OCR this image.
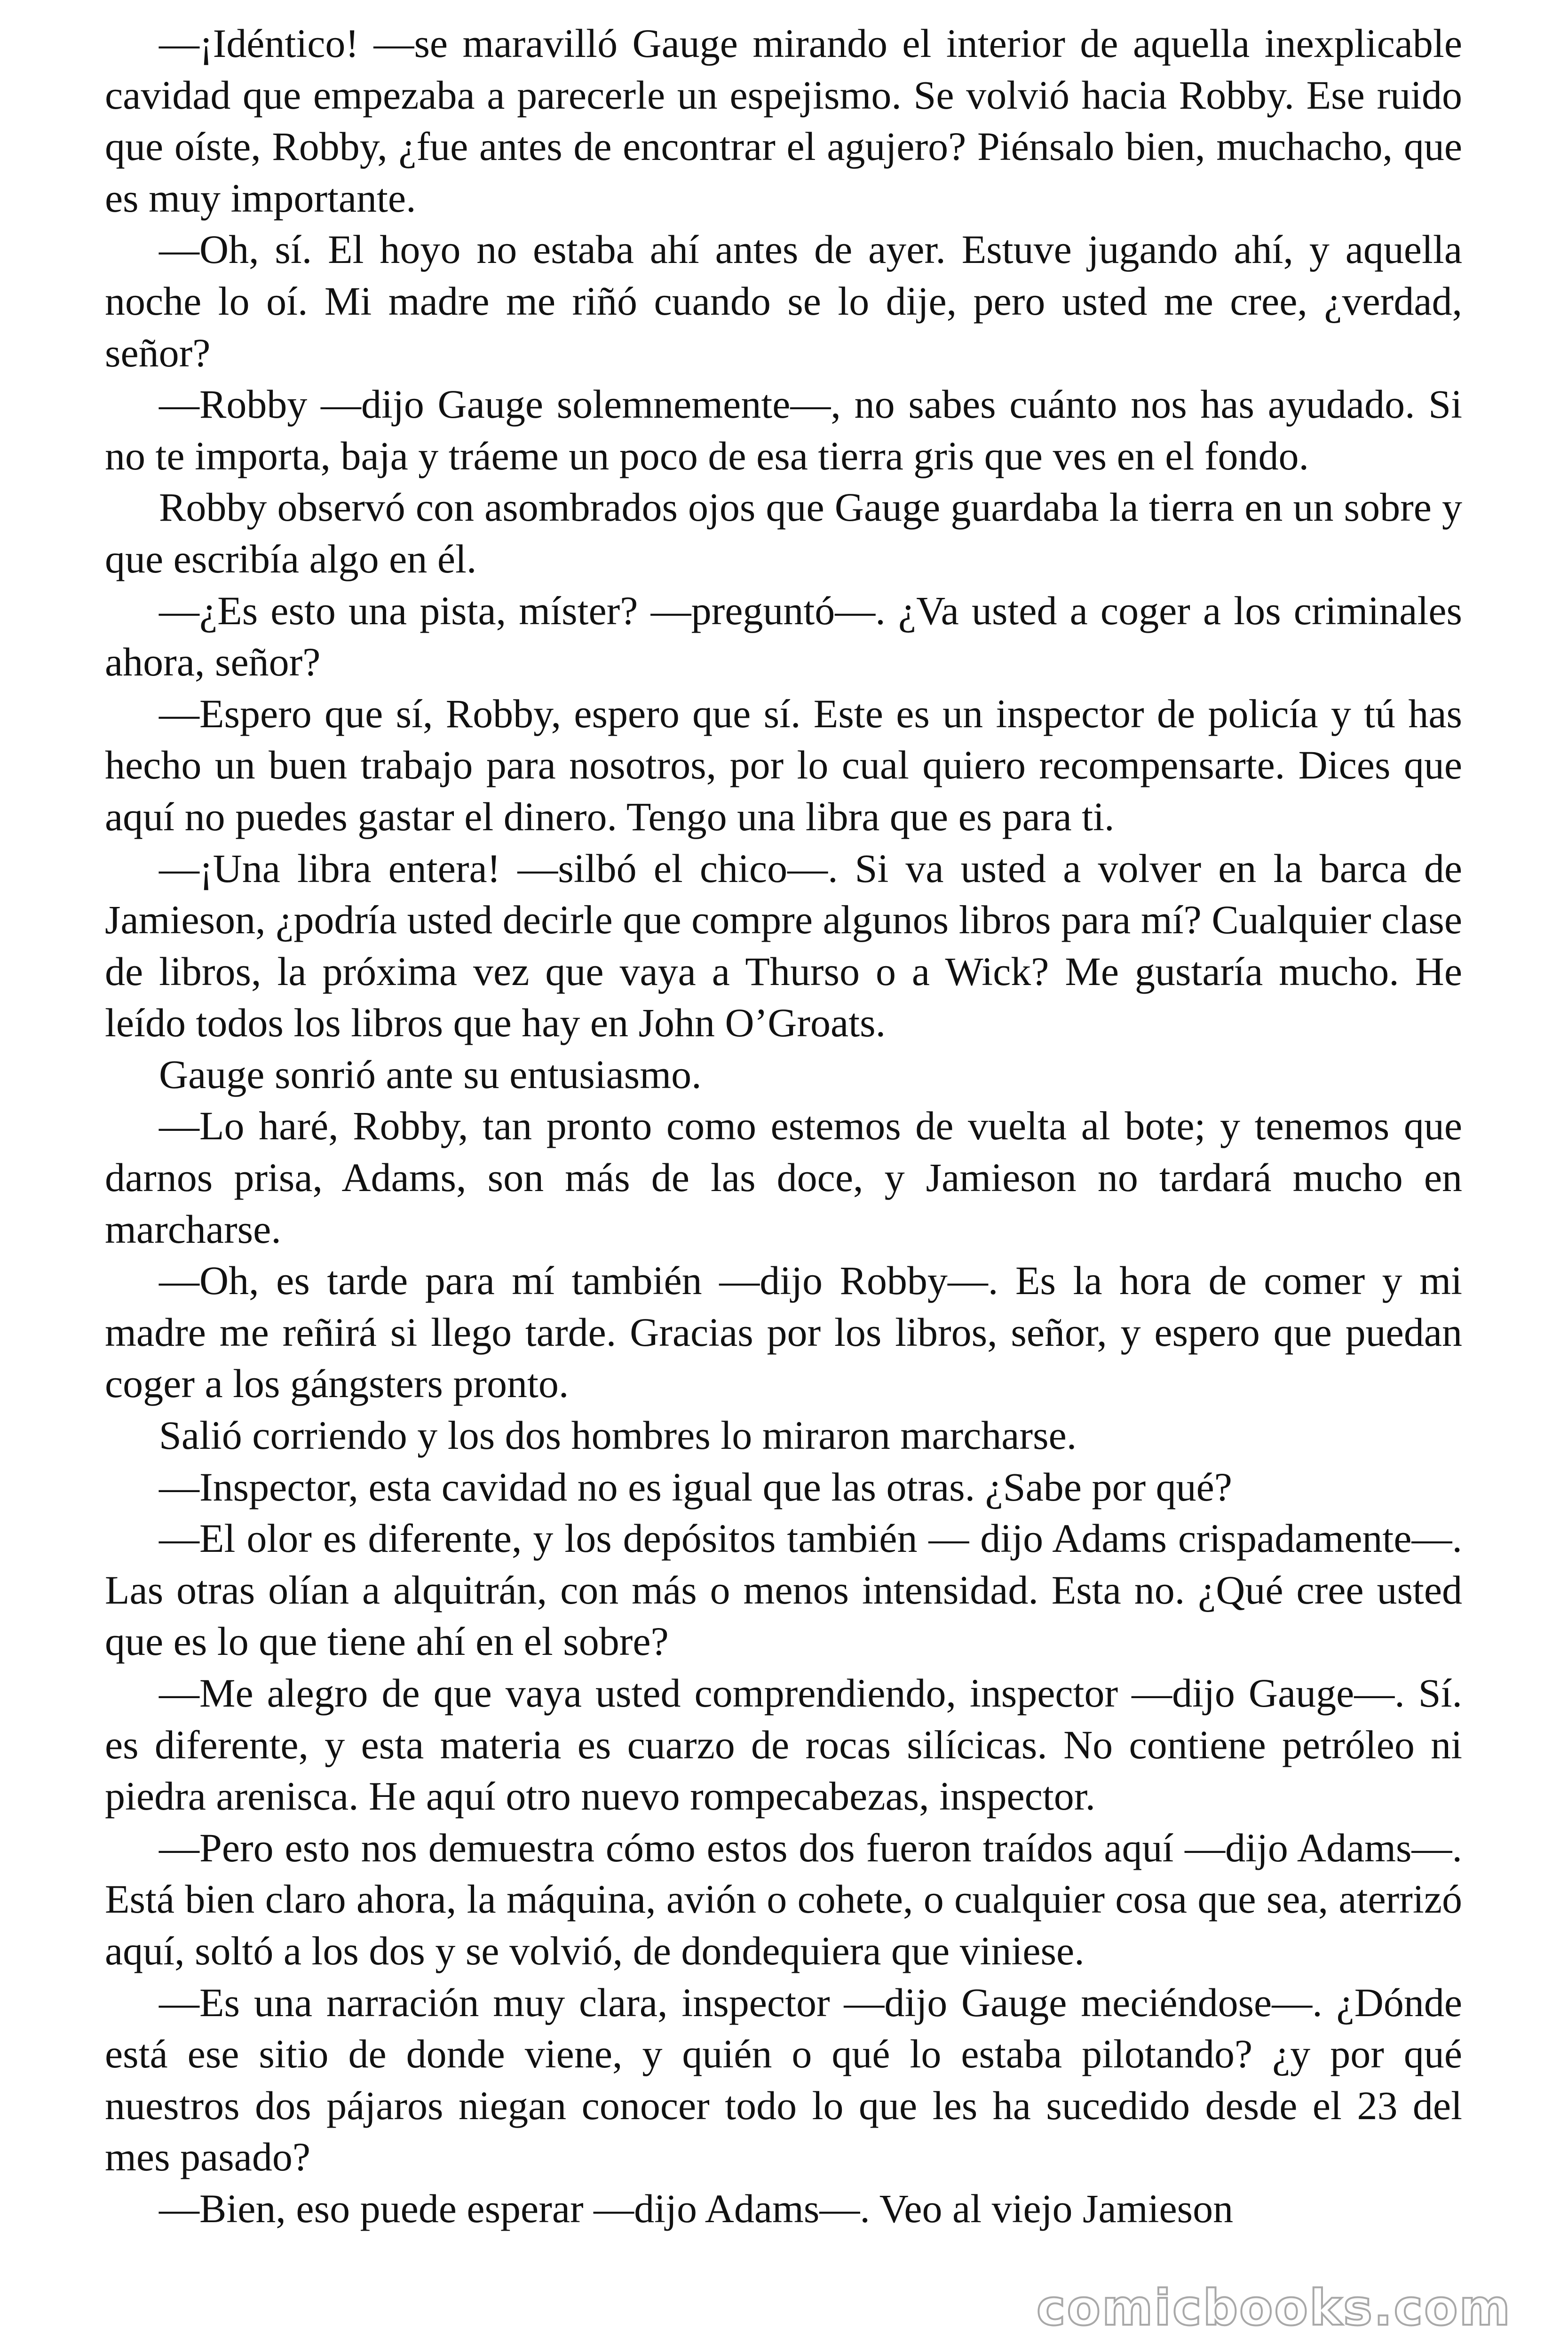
—¡Idéntico! —se maravilló Gauge mirando el interior de aquella inexplicable cavidad que empezaba a parecerle un espejismo. Se volvió hacia Robby. Ese ruido que oíste, Robby, ¿fue antes de encontrar el agujero? Piénsalo bien, muchacho, que es muy importante.

—Oh, sí. El hoyo no estaba ahí antes de ayer. Estuve jugando ahí, y aquella noche lo oí. Mi madre me riñó cuando se lo dije, pero usted me cree, ¿verdad, señor?

—Robby —dijo Gauge solemnemente—, no sabes cuánto nos has ayudado. Si no te importa, baja y tráeme un poco de esa tierra gris que ves en el fondo.

Robby observó con asombrados ojos que Gauge guardaba la tierra en un sobre y que escribía algo en él.

—¿Es esto una pista, míster? —preguntó—. ¿Va usted a coger a los criminales ahora, señor?

—Espero que sí, Robby, espero que sí. Este es un inspector de policía y tú has hecho un buen trabajo para nosotros, por lo cual quiero recompensarte. Dices que aquí no puedes gastar el dinero. Tengo una libra que es para ti.

—¡Una libra entera! —silbó el chico—. Si va usted a volver en la barca de Jamieson, ¿podría usted decirle que compre algunos libros para mí? Cualquier clase de libros, la próxima vez que vaya a Thurso o a Wick? Me gustaría mucho. He leído todos los libros que hay en John O’Groats.

Gauge sonrió ante su entusiasmo.

—Lo haré, Robby, tan pronto como estemos de vuelta al bote; y tenemos que darnos prisa, Adams, son más de las doce, y Jamieson no tardará mucho en marcharse.

—Oh, es tarde para mí también —dijo Robby—. Es la hora de comer y mi madre me reñirá si llego tarde. Gracias por los libros, señor, y espero que puedan coger a los gángsters pronto.

Salió corriendo y los dos hombres lo miraron marcharse.

—Inspector, esta cavidad no es igual que las otras. ¿Sabe por qué?

—El olor es diferente, y los depósitos también — dijo Adams crispadamente—. Las otras olían a alquitrán, con más o menos intensidad. Esta no. ¿Qué cree usted que es lo que tiene ahí en el sobre?

—Me alegro de que vaya usted comprendiendo, inspector —dijo Gauge—. Sí. es diferente, y esta materia es cuarzo de rocas silícicas. No contiene petróleo ni piedra arenisca. He aquí otro nuevo rompecabezas, inspector.

—Pero esto nos demuestra cómo estos dos fueron traídos aquí —dijo Adams—. Está bien claro ahora, la máquina, avión o cohete, o cualquier cosa que sea, aterrizó aquí, soltó a los dos y se volvió, de dondequiera que viniese.

—Es una narración muy clara, inspector —dijo Gauge meciéndose—. ¿Dónde está ese sitio de donde viene, y quién o qué lo estaba pilotando? ¿y por qué nuestros dos pájaros niegan conocer todo lo que les ha sucedido desde el 23 del mes pasado?

—Bien, eso puede esperar —dijo Adams—. Veo al viejo Jamieson

comicbooks.com
